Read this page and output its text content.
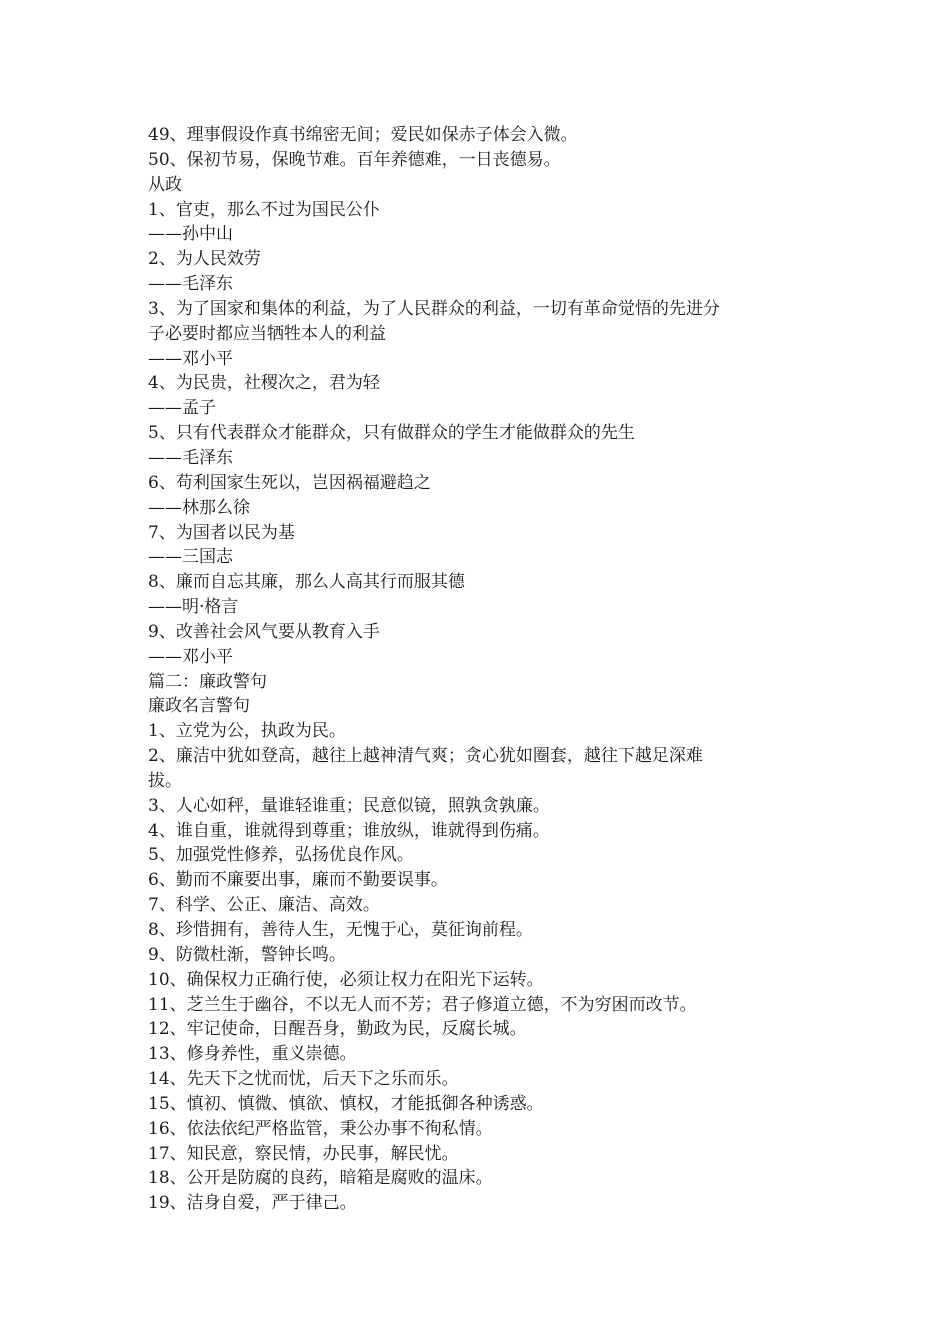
49、理事假设作真书绵密无间；爱民如保赤子体会入微。
50、保初节易，保晚节难。百年养德难，一日丧德易。
从政
1、官吏，那么不过为国民公仆
——孙中山
2、为人民效劳
——毛泽东
3、为了国家和集体的利益，为了人民群众的利益，一切有革命觉悟的先进分
子必要时都应当牺牲本人的利益
——邓小平
4、为民贵，社稷次之，君为轻
——孟子
5、只有代表群众才能群众，只有做群众的学生才能做群众的先生
——毛泽东
6、苟利国家生死以，岂因祸福避趋之
——林那么徐
7、为国者以民为基
——三国志
8、廉而自忘其廉，那么人高其行而服其德
——明·格言
9、改善社会风气要从教育入手
——邓小平
篇二：廉政警句
廉政名言警句
1、立党为公，执政为民。
2、廉洁中犹如登高，越往上越神清气爽；贪心犹如圈套，越往下越足深难
拔。
3、人心如秤，量谁轻谁重；民意似镜，照孰贪孰廉。
4、谁自重，谁就得到尊重；谁放纵，谁就得到伤痛。
5、加强党性修养，弘扬优良作风。
6、勤而不廉要出事，廉而不勤要误事。
7、科学、公正、廉洁、高效。
8、珍惜拥有，善待人生，无愧于心，莫征询前程。
9、防微杜渐，警钟长鸣。
10、确保权力正确行使，必须让权力在阳光下运转。
11、芝兰生于幽谷，不以无人而不芳；君子修道立德，不为穷困而改节。
12、牢记使命，日醒吾身，勤政为民，反腐长城。
13、修身养性，重义崇德。
14、先天下之忧而忧，后天下之乐而乐。
15、慎初、慎微、慎欲、慎权，才能抵御各种诱惑。
16、依法依纪严格监管，秉公办事不徇私情。
17、知民意，察民情，办民事，解民忧。
18、公开是防腐的良药，暗箱是腐败的温床。
19、洁身自爱，严于律己。
